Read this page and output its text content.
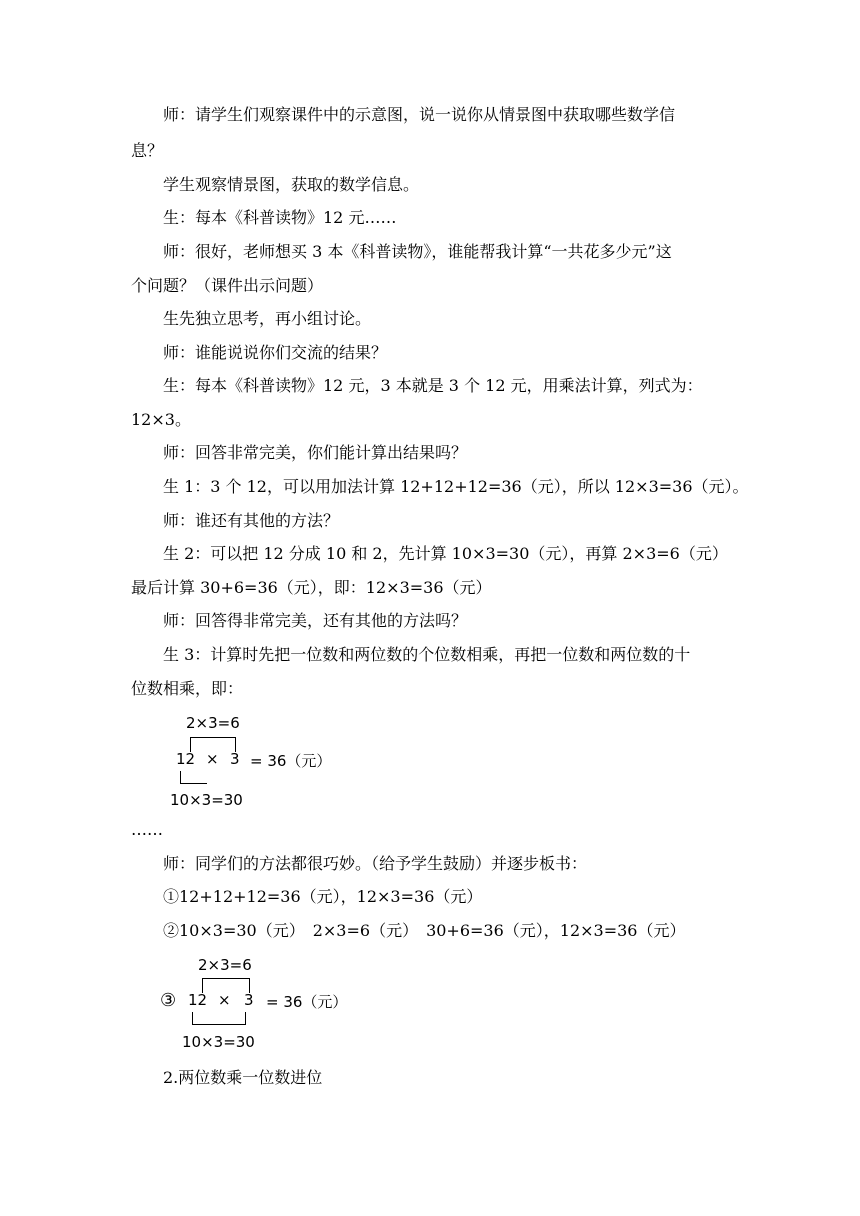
师：请学生们观察课件中的示意图，说一说你从情景图中获取哪些数学信
息？
学生观察情景图，获取的数学信息。
生：每本《科普读物》12 元……
师：很好，老师想买 3 本《科普读物》，谁能帮我计算“一共花多少元”这
个问题？（课件出示问题）
生先独立思考，再小组讨论。
师：谁能说说你们交流的结果？
生：每本《科普读物》12 元，3 本就是 3 个 12 元，用乘法计算，列式为：
12×3。
师：回答非常完美，你们能计算出结果吗？
生 1：3 个 12，可以用加法计算 12+12+12=36（元），所以 12×3=36（元）。
师：谁还有其他的方法？
生 2：可以把 12 分成 10 和 2，先计算 10×3=30（元），再算 2×3=6（元）
最后计算 30+6=36（元），即：12×3=36（元）
师：回答得非常完美，还有其他的方法吗？
生 3：计算时先把一位数和两位数的个位数相乘，再把一位数和两位数的十
位数相乘，即：
2×3=6
12 × 3 = 36（元）
10×3=30
……
师：同学们的方法都很巧妙。（给予学生鼓励）并逐步板书：
①12+12+12=36（元），12×3=36（元）
②10×3=30（元）　2×3=6（元）　30+6=36（元），12×3=36（元）
③
2×3=6
12 × 3 = 36（元）
10×3=30
2.两位数乘一位数进位
